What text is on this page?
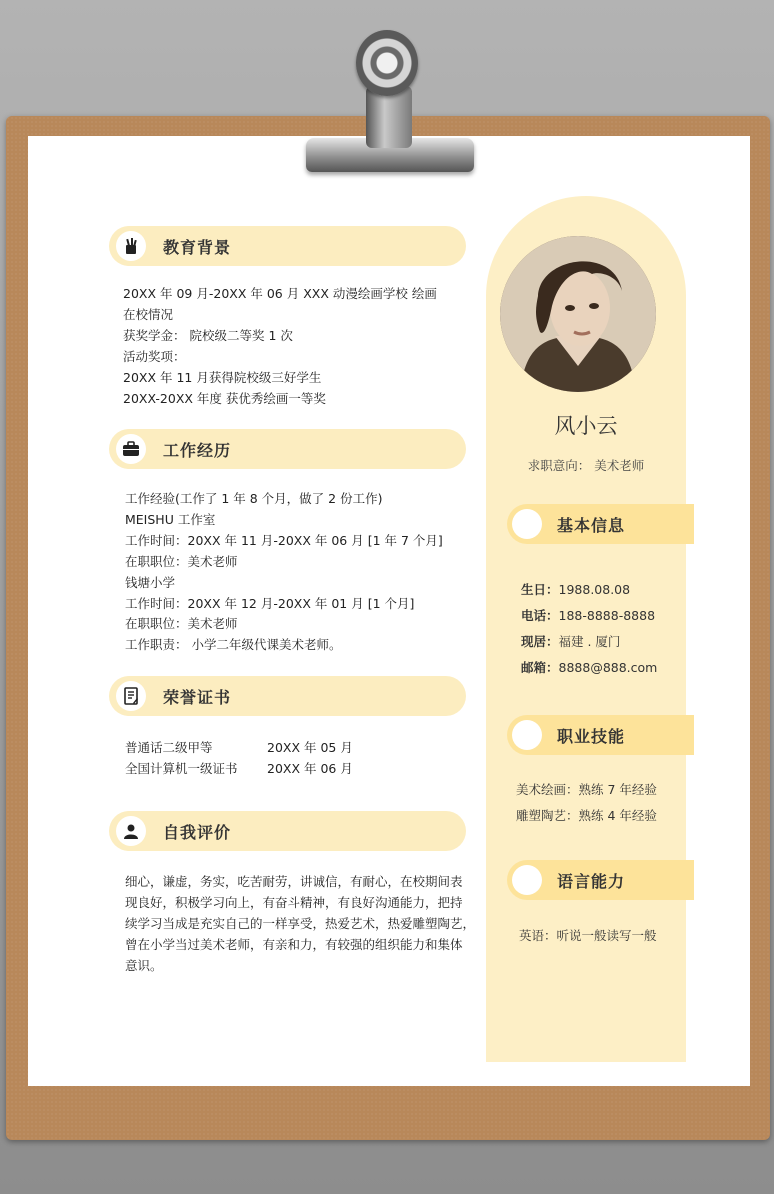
教育背景
20XX 年 09 月-20XX 年 06 月 XXX 动漫绘画学校 绘画
在校情况
获奖学金： 院校级二等奖 1 次
活动奖项：
20XX 年 11 月获得院校级三好学生
20XX-20XX 年度 获优秀绘画一等奖
工作经历
工作经验(工作了 1 年 8 个月，做了 2 份工作)
MEISHU 工作室
工作时间：20XX 年 11 月-20XX 年 06 月 [1 年 7 个月]
在职职位：美术老师
钱塘小学
工作时间：20XX 年 12 月-20XX 年 01 月 [1 个月]
在职职位：美术老师
工作职责： 小学二年级代课美术老师。
荣誉证书
普通话二级甲等	20XX 年 05 月
全国计算机一级证书 20XX 年 06 月
自我评价
细心，谦虚，务实，吃苦耐劳，讲诚信，有耐心，在校期间表
现良好，积极学习向上，有奋斗精神，有良好沟通能力，把持
续学习当成是充实自己的一样享受，热爱艺术，热爱雕塑陶艺，
曾在小学当过美术老师，有亲和力，有较强的组织能力和集体
意识。
风小云
求职意向： 美术老师
基本信息
生日：1988.08.08
电话：188-8888-8888
现居：福建 . 厦门
邮箱：8888@888.com
职业技能
美术绘画：熟练 7 年经验
雕塑陶艺：熟练 4 年经验
语言能力
英语：听说一般读写一般
